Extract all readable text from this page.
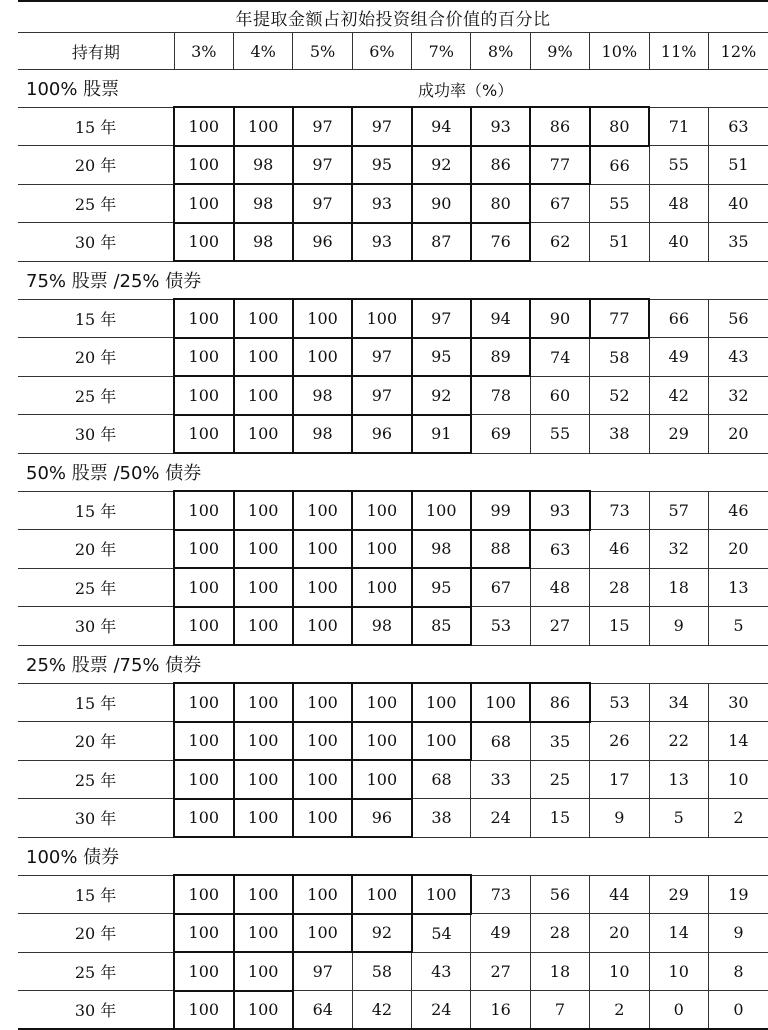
年提取金额占初始投资组合价值的百分比										
持有期	3%	4%	5%	6%	7%	8%	9%	10%	11%	12%
100% 股票 成功率（%）										

15 年	100	100	97	97	94	93	86	80	71	63
20 年	100	98	97	95	92	86	77	66	55	51
25 年	100	98	97	93	90	80	67	55	48	40
30 年	100	98	96	93	87	76	62	51	40	35
75% 股票 /25% 债券										
15 年	100	100	100	100	97	94	90	77	66	56
20 年	100	100	100	97	95	89	74	58	49	43
25 年	100	100	98	97	92	78	60	52	42	32
30 年	100	100	98	96	91	69	55	38	29	20
50% 股票 /50% 债券										
15 年	100	100	100	100	100	99	93	73	57	46
20 年	100	100	100	100	98	88	63	46	32	20
25 年	100	100	100	100	95	67	48	28	18	13
30 年	100	100	100	98	85	53	27	15	9	5
25% 股票 /75% 债券										
15 年	100	100	100	100	100	100	86	53	34	30
20 年	100	100	100	100	100	68	35	26	22	14
25 年	100	100	100	100	68	33	25	17	13	10
30 年	100	100	100	96	38	24	15	9	5	2
100% 债券										
15 年	100	100	100	100	100	73	56	44	29	19
20 年	100	100	100	92	54	49	28	20	14	9
25 年	100	100	97	58	43	27	18	10	10	8
30 年	100	100	64	42	24	16	7	2	0	0
